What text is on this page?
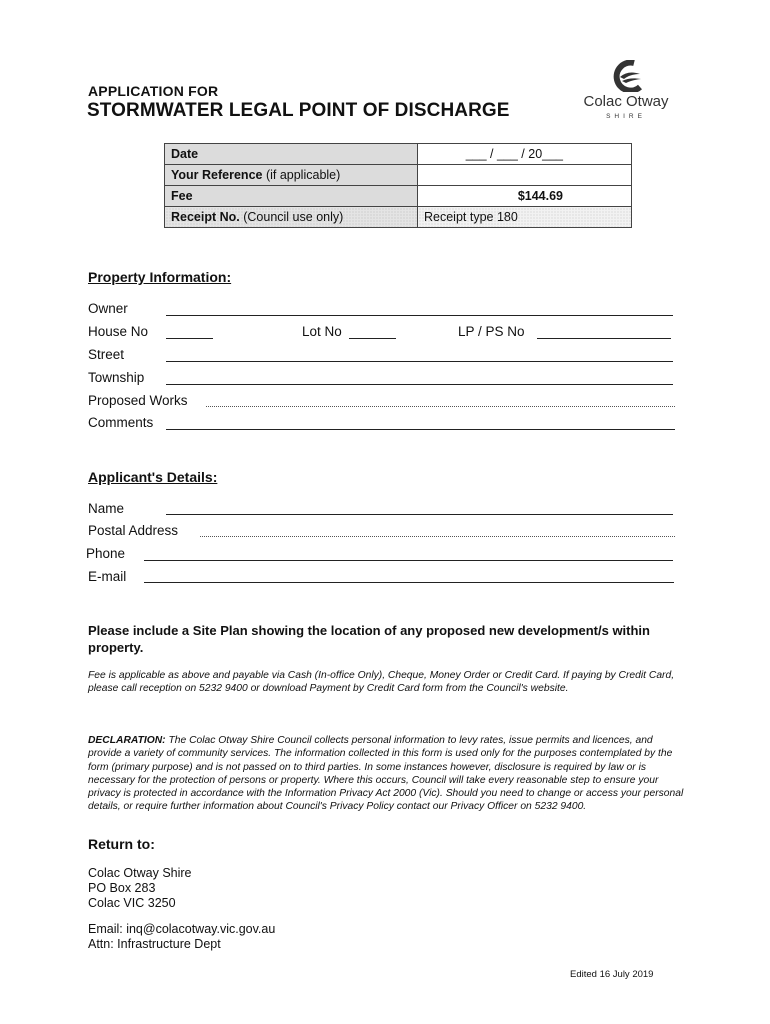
APPLICATION FOR
STORMWATER LEGAL POINT OF DISCHARGE	Colac Otway
SHIRE
Date	___ / ___ / 20___
Your Reference (if applicable)	
Fee	$144.69
Receipt No. (Council use only)	Receipt type 180
Property Information:
Owner
House No	Lot No	LP / PS No
Street
Township
Proposed Works
Comments
Applicant's Details:
Name
Postal Address
Phone
E-mail
Please include a Site Plan showing the location of any proposed new development/s within property.
Fee is applicable as above and payable via Cash (In-office Only), Cheque, Money Order or Credit Card. If paying by Credit Card, please call reception on 5232 9400 or download Payment by Credit Card form from the Council's website.
DECLARATION: The Colac Otway Shire Council collects personal information to levy rates, issue permits and licences, and provide a variety of community services. The information collected in this form is used only for the purposes contemplated by the form (primary purpose) and is not passed on to third parties. In some instances however, disclosure is required by law or is necessary for the protection of persons or property. Where this occurs, Council will take every reasonable step to ensure your privacy is protected in accordance with the Information Privacy Act 2000 (Vic). Should you need to change or access your personal details, or require further information about Council's Privacy Policy contact our Privacy Officer on 5232 9400.
Return to:
Colac Otway Shire
PO Box 283
Colac VIC 3250
Email: inq@colacotway.vic.gov.au
Attn: Infrastructure Dept
Edited 16 July 2019
